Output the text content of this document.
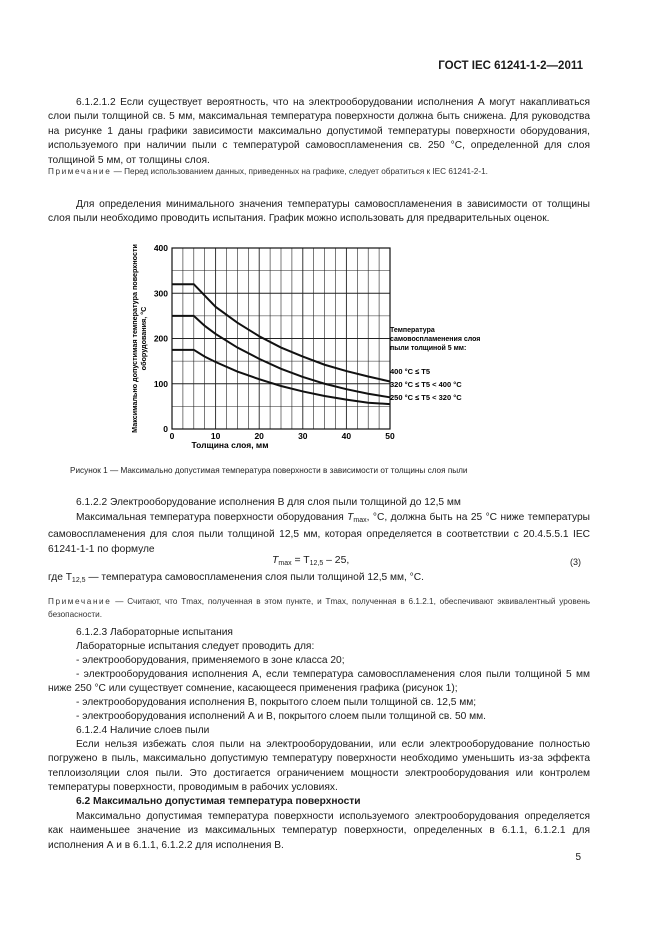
ГОСТ IEC 61241-1-2—2011
6.1.2.1.2 Если существует вероятность, что на электрооборудовании исполнения А могут накапливаться слои пыли толщиной св. 5 мм, максимальная температура поверхности должна быть снижена. Для руководства на рисунке 1 даны графики зависимости максимально допустимой температуры поверхности оборудования, используемого при наличии пыли с температурой самовоспламенения св. 250 °С, определенной для слоя толщиной 5 мм, от толщины слоя.
Примечание — Перед использованием данных, приведенных на графике, следует обратиться к IEC 61241-2-1.
Для определения минимального значения температуры самовоспламенения в зависимости от толщины слоя пыли необходимо проводить испытания. График можно использовать для предварительных оценок.
0	10	20	30	40	50
0
100
200
300
400
Максимально допустимая температура поверхностиоборудования, °С
Толщина слоя, мм
Температура
самовоспламенения слоя
пыли толщиной 5 мм:
400 °С ≤ T5
320 °С ≤ T5 < 400 °С
250 °С ≤ T5 < 320 °С
Рисунок 1 — Максимально допустимая температура поверхности в зависимости от толщины слоя пыли
6.1.2.2 Электрооборудование исполнения В для слоя пыли толщиной до 12,5 мм
Максимальная температура поверхности оборудования $T_{max}$, °С, должна быть на 25 °С ниже температуры самовоспламенения для слоя пыли толщиной 12,5 мм, которая определяется в соответствии с 20.4.5.5.1 IEC 61241-1-1 по формуле
$T_{max} = T_{12,5} - 25$,	(3)
где $T_{12,5}$ — температура самовоспламенения слоя пыли толщиной 12,5 мм, °С.
Примечание — Считают, что Tmax, полученная в этом пункте, и Tmax, полученная в 6.1.2.1, обеспечивают эквивалентный уровень безопасности.
6.1.2.3 Лабораторные испытания
Лабораторные испытания следует проводить для:
- электрооборудования, применяемого в зоне класса 20;
- электрооборудования исполнения А, если температура самовоспламенения слоя пыли толщиной 5 мм ниже 250 °С или существует сомнение, касающееся применения графика (рисунок 1);
- электрооборудования исполнения В, покрытого слоем пыли толщиной св. 12,5 мм;
- электрооборудования исполнений А и В, покрытого слоем пыли толщиной св. 50 мм.
6.1.2.4 Наличие слоев пыли
Если нельзя избежать слоя пыли на электрооборудовании, или если электрооборудование полностью погружено в пыль, максимально допустимую температуру поверхности необходимо уменьшить из-за эффекта теплоизоляции слоя пыли. Это достигается ограничением мощности электрооборудования или контролем температуры поверхности, проводимым в рабочих условиях.
6.2 Максимально допустимая температура поверхности
Максимально допустимая температура поверхности используемого электрооборудования определяется как наименьшее значение из максимальных температур поверхности, определенных в 6.1.1, 6.1.2.1 для исполнения А и в 6.1.1, 6.1.2.2 для исполнения В.
5
